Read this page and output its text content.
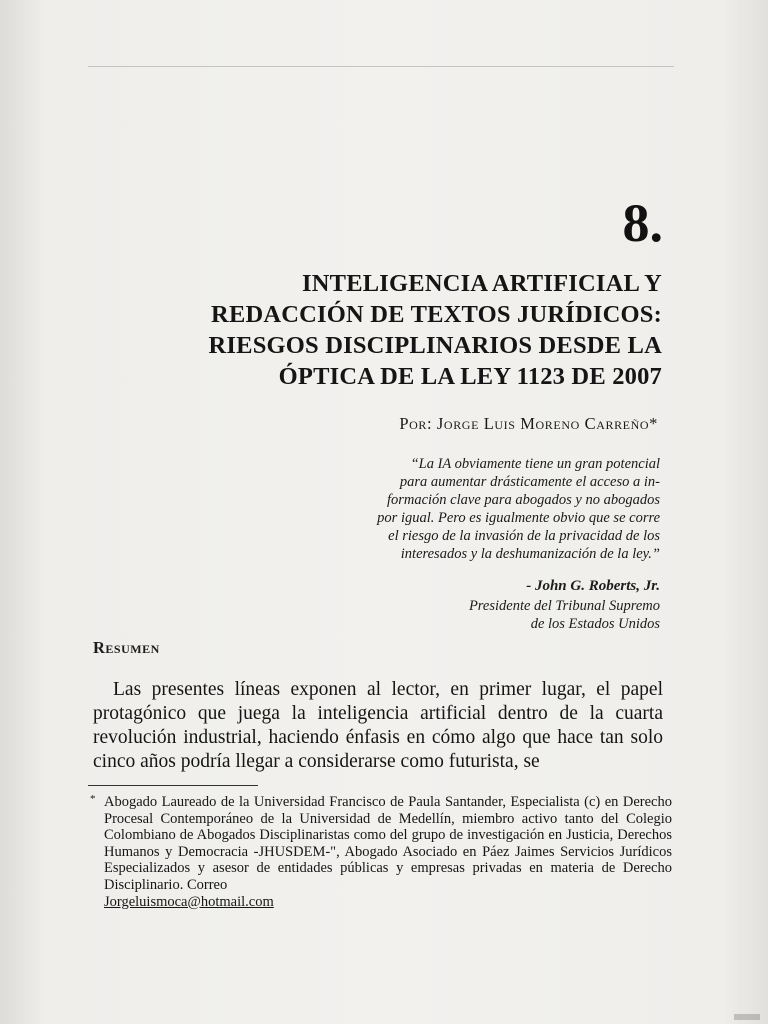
8.
INTELIGENCIA ARTIFICIAL Y
REDACCIÓN DE TEXTOS JURÍDICOS:
RIESGOS DISCIPLINARIOS DESDE LA
ÓPTICA DE LA LEY 1123 DE 2007
Por: Jorge Luis Moreno Carreño*
“La IA obviamente tiene un gran potencial
para aumentar drásticamente el acceso a in-
formación clave para abogados y no abogados
por igual. Pero es igualmente obvio que se corre
el riesgo de la invasión de la privacidad de los
interesados y la deshumanización de la ley.”
- John G. Roberts, Jr.
Presidente del Tribunal Supremo
de los Estados Unidos
Resumen
Las presentes líneas exponen al lector, en primer lugar, el papel protagónico que juega la inteligencia artificial dentro de la cuarta revolución industrial, haciendo énfasis en cómo algo que hace tan solo cinco años podría llegar a considerarse como futurista, se
* Abogado Laureado de la Universidad Francisco de Paula Santander, Especialista (c) en Derecho Procesal Contemporáneo de la Universidad de Medellín, miembro activo tanto del Colegio Colombiano de Abogados Disciplinaristas como del grupo de investigación en Justicia, Derechos Humanos y Democracia -JHUSDEM-", Abogado Asociado en Páez Jaimes Servicios Jurídicos Especializados y asesor de entidades públicas y empresas privadas en materia de Derecho Disciplinario. Correo
Jorgeluismoca@hotmail.com
